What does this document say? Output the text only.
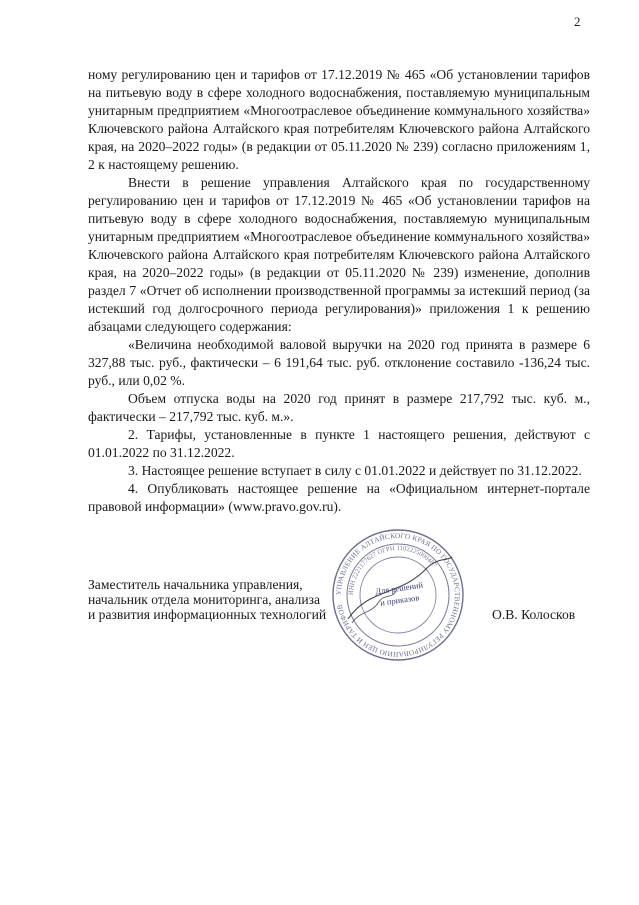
2

ному регулированию цен и тарифов от 17.12.2019 № 465 «Об установлении тарифов на питьевую воду в сфере холодного водоснабжения, поставляемую муниципальным унитарным предприятием «Многоотраслевое объединение коммунального хозяйства» Ключевского района Алтайского края потребителям Ключевского района Алтайского края, на 2020–2022 годы» (в редакции от 05.11.2020 № 239) согласно приложениям 1, 2 к настоящему решению.

Внести в решение управления Алтайского края по государственному регулированию цен и тарифов от 17.12.2019 № 465 «Об установлении тарифов на питьевую воду в сфере холодного водоснабжения, поставляемую муниципальным унитарным предприятием «Многоотраслевое объединение коммунального хозяйства» Ключевского района Алтайского края потребителям Ключевского района Алтайского края, на 2020–2022 годы» (в редакции от 05.11.2020 № 239) изменение, дополнив раздел 7 «Отчет об исполнении производственной программы за истекший период (за истекший год долгосрочного периода регулирования)» приложения 1 к решению абзацами следующего содержания:

«Величина необходимой валовой выручки на 2020 год принята в размере 6 327,88 тыс. руб., фактически – 6 191,64 тыс. руб. отклонение составило -136,24 тыс. руб., или 0,02 %.

Объем отпуска воды на 2020 год принят в размере 217,792 тыс. куб. м., фактически – 217,792 тыс. куб. м.».

2. Тарифы, установленные в пункте 1 настоящего решения, действуют с 01.01.2022 по 31.12.2022.

3. Настоящее решение вступает в силу с 01.01.2022 и действует по 31.12.2022.

4. Опубликовать настоящее решение на «Официальном интернет-портале правовой информации» (www.pravo.gov.ru).

Заместитель начальника управления,
начальник отдела мониторинга, анализа
и развития информационных технологий
УПРАВЛЕНИЕ АЛТАЙСКОГО КРАЯ ПО ГОСУДАРСТВЕННОМУ РЕГУЛИРОВАНИЮ ЦЕН И ТАРИФОВ
ИНН 2221177627 ОГРН 1102225000487
Для решений
и приказов
О.В. Колосков
